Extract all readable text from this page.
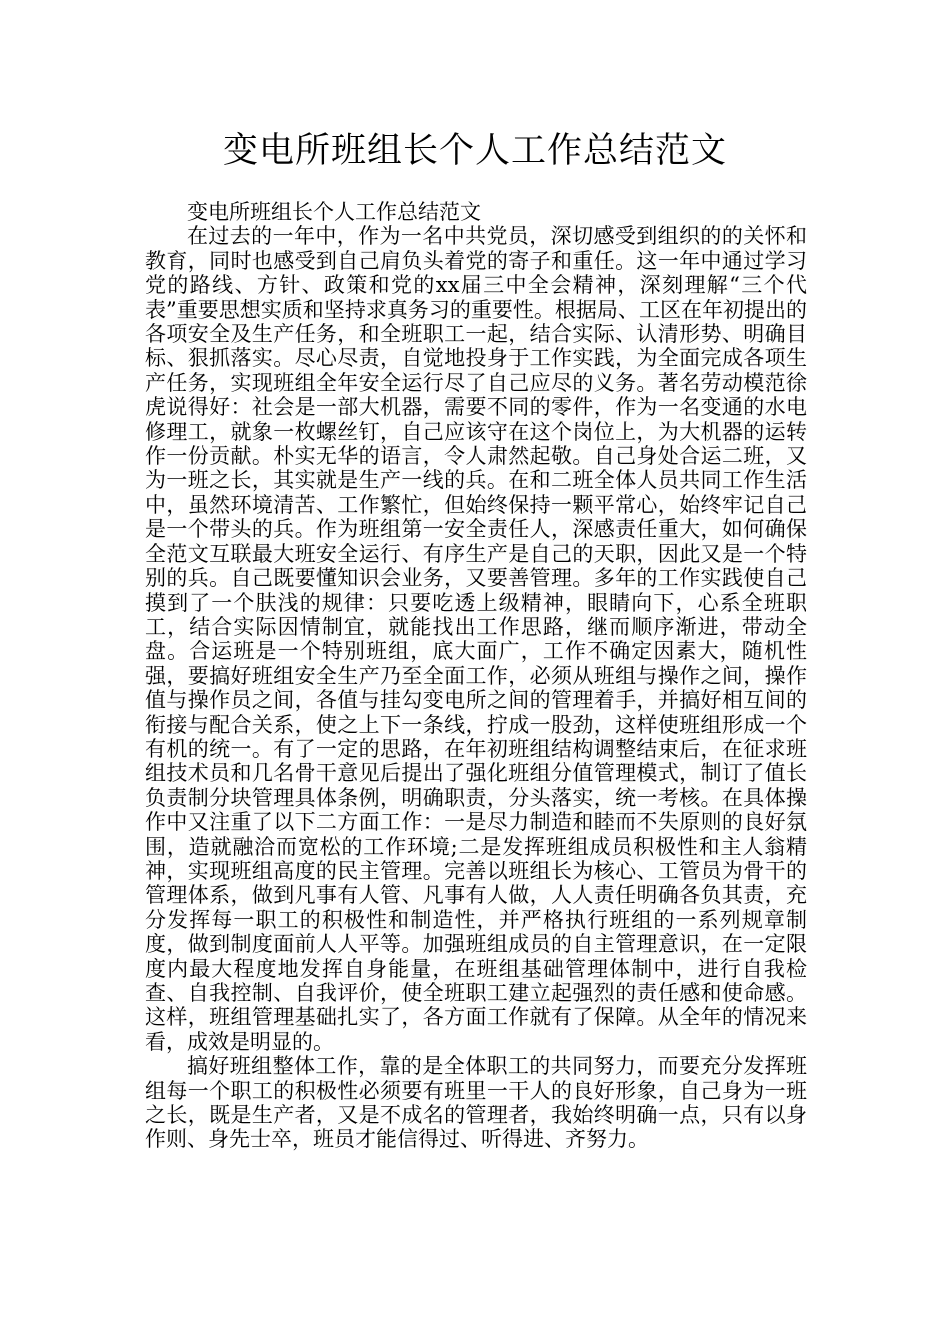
变电所班组长个人工作总结范文

变电所班组长个人工作总结范文

在过去的一年中，作为一名中共党员，深切感受到组织的的关怀和教育，同时也感受到自己肩负头着党的寄子和重任。这一年中通过学习党的路线、方针、政策和党的xx届三中全会精神，深刻理解“三个代表”重要思想实质和坚持求真务习的重要性。根据局、工区在年初提出的各项安全及生产任务，和全班职工一起，结合实际、认清形势、明确目标、狠抓落实。尽心尽责，自觉地投身于工作实践，为全面完成各项生产任务，实现班组全年安全运行尽了自己应尽的义务。著名劳动模范徐虎说得好：社会是一部大机器，需要不同的零件，作为一名变通的水电修理工，就象一枚螺丝钉，自己应该守在这个岗位上，为大机器的运转作一份贡献。朴实无华的语言，令人肃然起敬。自己身处合运二班，又为一班之长，其实就是生产一线的兵。在和二班全体人员共同工作生活中，虽然环境清苦、工作繁忙，但始终保持一颗平常心，始终牢记自己是一个带头的兵。作为班组第一安全责任人，深感责任重大，如何确保全范文互联最大班安全运行、有序生产是自己的天职，因此又是一个特别的兵。自己既要懂知识会业务，又要善管理。多年的工作实践使自己摸到了一个肤浅的规律：只要吃透上级精神，眼睛向下，心系全班职工，结合实际因情制宜，就能找出工作思路，继而顺序渐进，带动全盘。合运班是一个特别班组，底大面广，工作不确定因素大，随机性强，要搞好班组安全生产乃至全面工作，必须从班组与操作之间，操作值与操作员之间，各值与挂勾变电所之间的管理着手，并搞好相互间的衔接与配合关系，使之上下一条线，拧成一股劲，这样使班组形成一个有机的统一。有了一定的思路，在年初班组结构调整结束后，在征求班组技术员和几名骨干意见后提出了强化班组分值管理模式，制订了值长负责制分块管理具体条例，明确职责，分头落实，统一考核。在具体操作中又注重了以下二方面工作：一是尽力制造和睦而不失原则的良好氛围，造就融洽而宽松的工作环境;二是发挥班组成员积极性和主人翁精神，实现班组高度的民主管理。完善以班组长为核心、工管员为骨干的管理体系，做到凡事有人管、凡事有人做，人人责任明确各负其责，充分发挥每一职工的积极性和制造性，并严格执行班组的一系列规章制度，做到制度面前人人平等。加强班组成员的自主管理意识，在一定限度内最大程度地发挥自身能量，在班组基础管理体制中，进行自我检查、自我控制、自我评价，使全班职工建立起强烈的责任感和使命感。这样，班组管理基础扎实了，各方面工作就有了保障。从全年的情况来看，成效是明显的。

搞好班组整体工作，靠的是全体职工的共同努力，而要充分发挥班组每一个职工的积极性必须要有班里一干人的良好形象，自己身为一班之长，既是生产者，又是不成名的管理者，我始终明确一点，只有以身作则、身先士卒，班员才能信得过、听得进、齐努力。
